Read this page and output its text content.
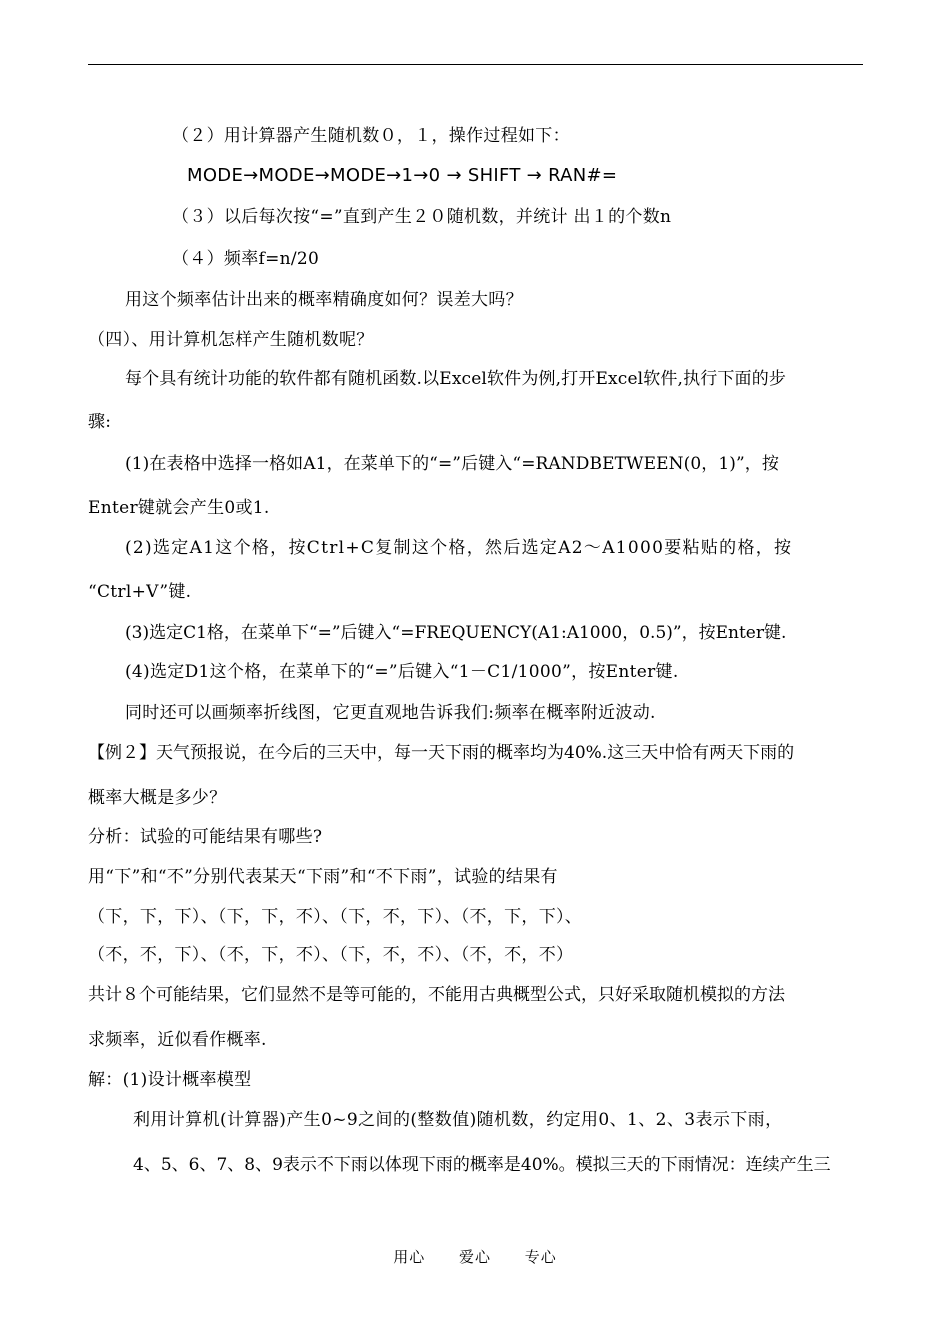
（２）用计算器产生随机数０，１，操作过程如下：
MODE→MODE→MODE→1→0 → SHIFT → RAN#=
（３）以后每次按“=”直到产生２０随机数，并统计 出１的个数n
（４）频率f=n/20
用这个频率估计出来的概率精确度如何？误差大吗？
（四）、用计算机怎样产生随机数呢？
每个具有统计功能的软件都有随机函数.以Excel软件为例,打开Excel软件,执行下面的步
骤:
(1)在表格中选择一格如A1，在菜单下的“=”后键入“=RANDBETWEEN(0，1)”，按
Enter键就会产生0或1.
(2)选定A1这个格，按Ctrl+C复制这个格，然后选定A2～A1000要粘贴的格，按
“Ctrl+V”键.
(3)选定C1格，在菜单下“=”后键入“=FREQUENCY(A1:A1000，0.5)”，按Enter键.
(4)选定D1这个格，在菜单下的“=”后键入“1－C1/1000”，按Enter键.
同时还可以画频率折线图，它更直观地告诉我们:频率在概率附近波动.
【例２】天气预报说，在今后的三天中，每一天下雨的概率均为40%.这三天中恰有两天下雨的
概率大概是多少？
分析：试验的可能结果有哪些?
用“下”和“不”分别代表某天“下雨”和“不下雨”，试验的结果有
（下，下，下）、（下，下，不）、（下，不，下）、（不，下，下）、
（不，不，下）、（不，下，不）、（下，不，不）、（不，不，不）
共计８个可能结果，它们显然不是等可能的，不能用古典概型公式，只好采取随机模拟的方法
求频率，近似看作概率.
解：(1)设计概率模型
利用计算机(计算器)产生0~9之间的(整数值)随机数，约定用0、1、2、3表示下雨，
4、5、6、7、8、9表示不下雨以体现下雨的概率是40%。模拟三天的下雨情况：连续产生三
用心 爱心 专心
